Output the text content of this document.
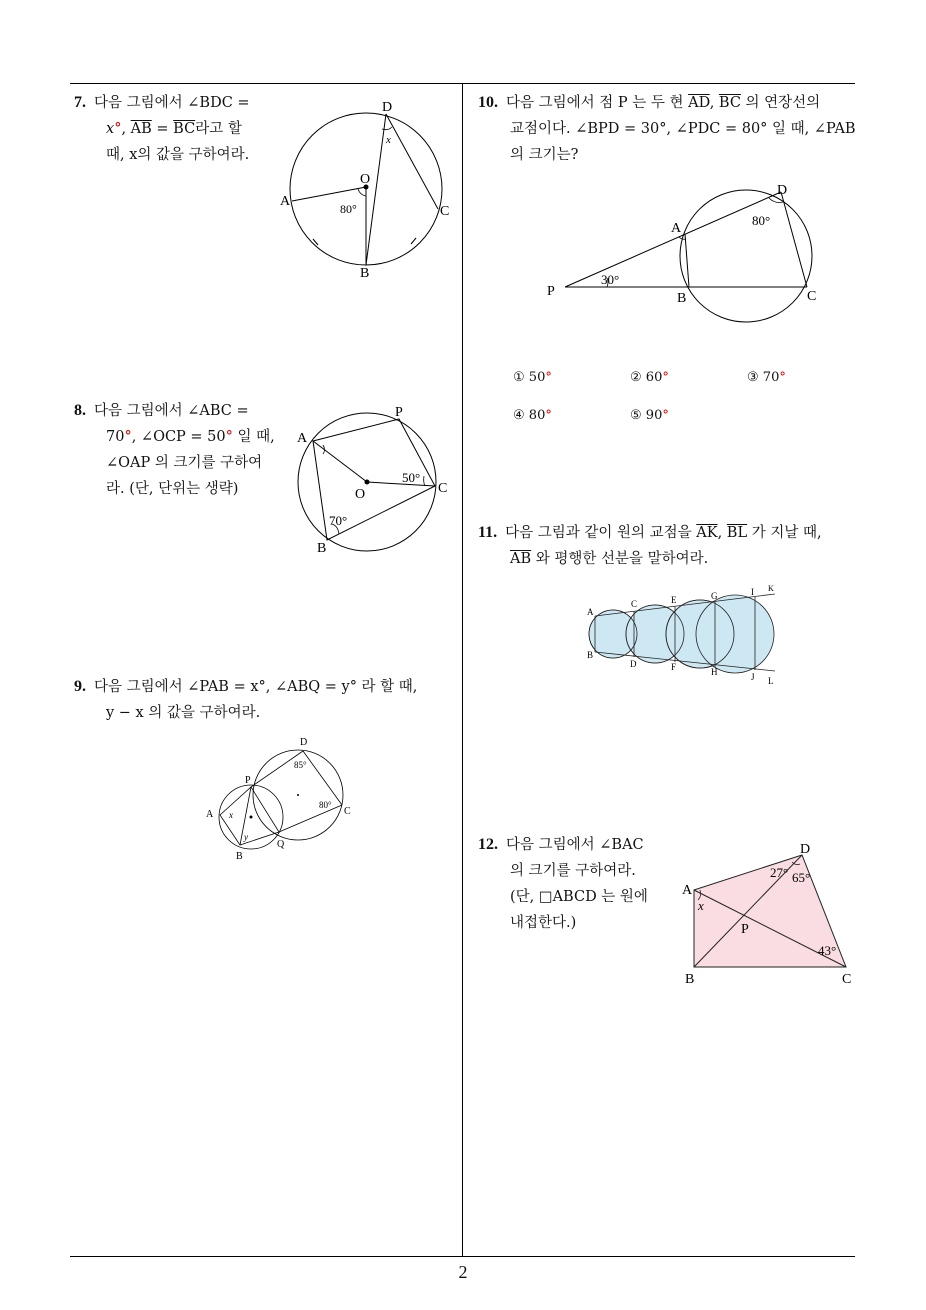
7. 다음 그림에서 ∠BDC =
x°, $\overline{AB} = \overline{BC}$라고 할
때, x의 값을 구하여라.
D
O
A
C
B
x
80°
8. 다음 그림에서 ∠ABC =
70°, ∠OCP = 50° 일 때,
∠OAP 의 크기를 구하여
라. (단, 단위는 생략)
P
A
O	C
B
50°
70°
9. 다음 그림에서 ∠PAB = x°, ∠ABQ = y° 라 할 때,
y − x 의 값을 구하여라.
D
P
A
B
Q
C
x
y
85°
80°
10. 다음 그림에서 점 P 는 두 현 $\overline{AD}$, $\overline{BC}$ 의 연장선의
교점이다. ∠BPD = 30°, ∠PDC = 80° 일 때, ∠PAB
의 크기는?
D
A
P	B	C
30°
80°
① 50°	② 60°	③ 70°
④ 80°	⑤ 90°
11. 다음 그림과 같이 원의 교점을 $\overline{AK}$, $\overline{BL}$ 가 지날 때,
$\overline{AB}$ 와 평행한 선분을 말하여라.
A
C	E	G	I K
B
D	F	H	J L
12. 다음 그림에서 ∠BAC
의 크기를 구하여라.
(단, □ABCD 는 원에
내접한다.)
D
A
P
B	C
x
27° 65°
43°
2
